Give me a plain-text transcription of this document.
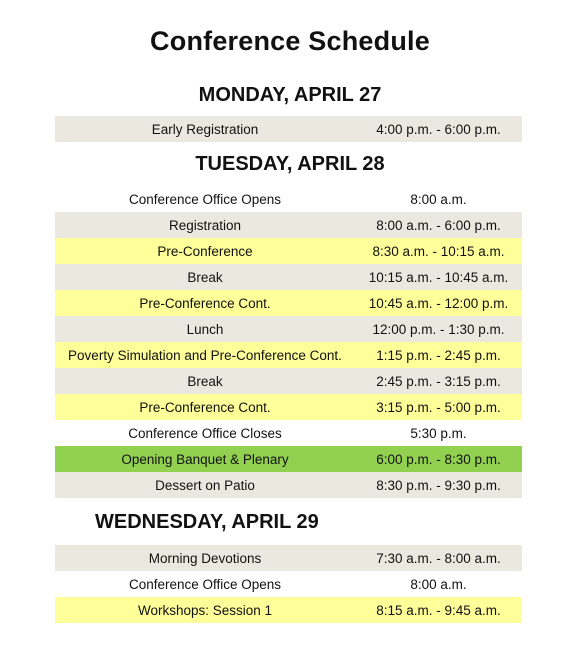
Conference Schedule
MONDAY, APRIL 27
Early Registration	4:00 p.m. - 6:00 p.m.
TUESDAY, APRIL 28
Conference Office Opens	8:00 a.m.
Registration	8:00 a.m. - 6:00 p.m.
Pre-Conference	8:30 a.m. - 10:15 a.m.
Break	10:15 a.m. - 10:45 a.m.
Pre-Conference Cont.	10:45 a.m. - 12:00 p.m.
Lunch	12:00 p.m. - 1:30 p.m.
Poverty Simulation and Pre-Conference Cont.	1:15 p.m. - 2:45 p.m.
Break	2:45 p.m. - 3:15 p.m.
Pre-Conference Cont.	3:15 p.m. - 5:00 p.m.
Conference Office Closes	5:30 p.m.
Opening Banquet & Plenary	6:00 p.m. - 8:30 p.m.
Dessert on Patio	8:30 p.m. - 9:30 p.m.
WEDNESDAY, APRIL 29
Morning Devotions	7:30 a.m. - 8:00 a.m.
Conference Office Opens	8:00 a.m.
Workshops: Session 1	8:15 a.m. - 9:45 a.m.
